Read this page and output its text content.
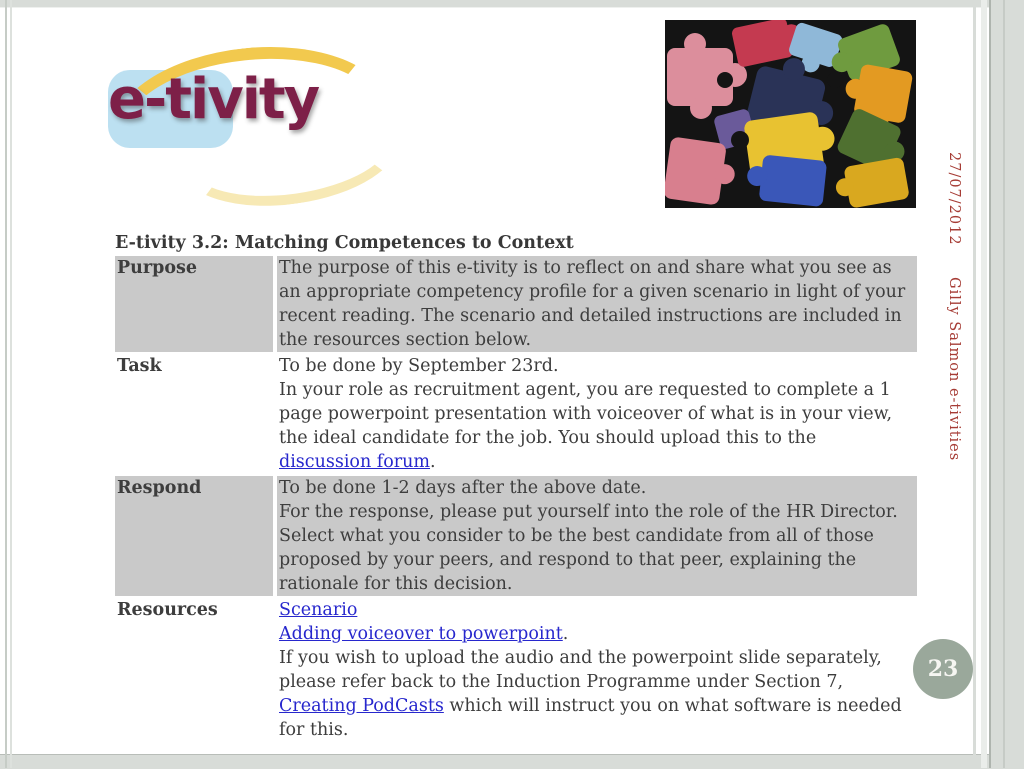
e-tivity
27/07/2012 Gilly Salmon e-tivities
23
E-tivity 3.2: Matching Competences to Context
Purpose	The purpose of this e-tivity is to reflect on and share what you see as an appropriate competency profile for a given scenario in light of your recent reading. The scenario and detailed instructions are included in the resources section below.
Task	To be done by September 23rd.
In your role as recruitment agent, you are requested to complete a 1 page powerpoint presentation with voiceover of what is in your view, the ideal candidate for the job. You should upload this to the discussion forum.
Respond	To be done 1-2 days after the above date.
For the response, please put yourself into the role of the HR Director. Select what you consider to be the best candidate from all of those proposed by your peers, and respond to that peer, explaining the rationale for this decision.
Resources	Scenario
Adding voiceover to powerpoint.
If you wish to upload the audio and the powerpoint slide separately, please refer back to the Induction Programme under Section 7, Creating PodCasts which will instruct you on what software is needed for this.
